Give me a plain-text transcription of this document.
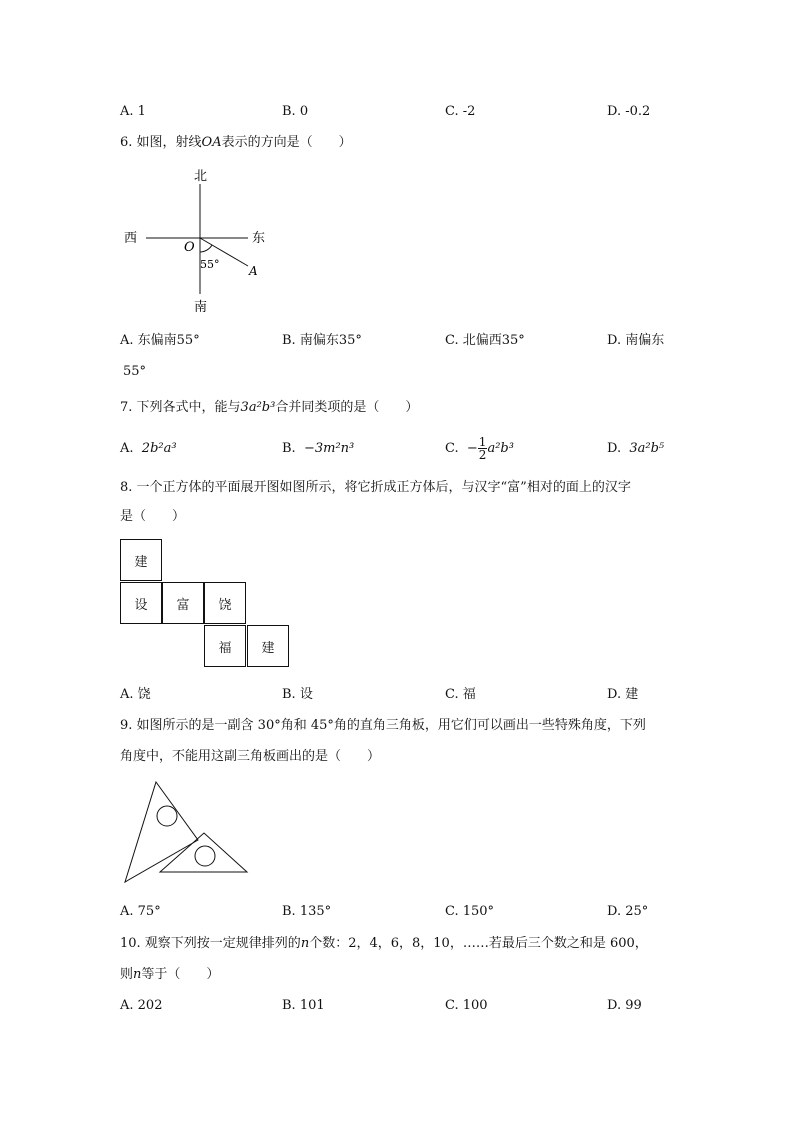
A. 1	B. 0	C. -2	D. -0.2
6. 如图，射线OA表示的方向是（　　）
北
南
西	东
O
A
55°
A. 东偏南55°	B. 南偏东35°	C. 北偏西35°	D. 南偏东
55°
7. 下列各式中，能与3a²b³合并同类项的是（　　）
A. 2b²a³	B. −3m²n³	C. − $\frac{1}{2} a^2b^3$	D. 3a²b⁵
8. 一个正方体的平面展开图如图所示，将它折成正方体后，与汉字“富”相对的面上的汉字
是（　　）
建
设	富	饶
福	建
A. 饶	B. 设	C. 福	D. 建
9. 如图所示的是一副含 30°角和 45°角的直角三角板，用它们可以画出一些特殊角度，下列
角度中，不能用这副三角板画出的是（　　）
A. 75°	B. 135°	C. 150°	D. 25°
10. 观察下列按一定规律排列的n个数：2，4，6，8，10，……若最后三个数之和是 600，
则n等于（　　）
A. 202	B. 101	C. 100	D. 99
